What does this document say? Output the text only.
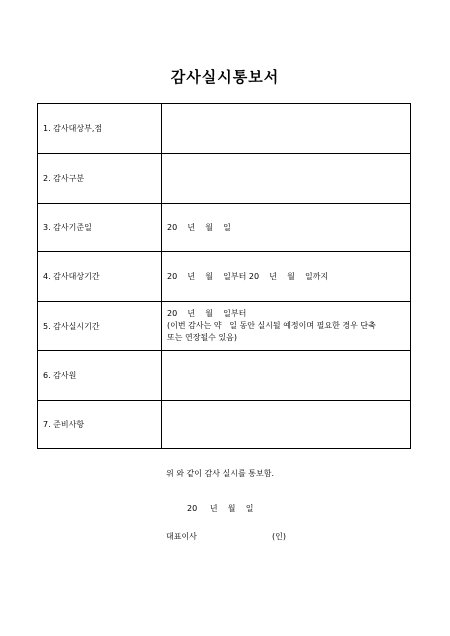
감사실시통보서
1. 감사대상부,점	
2. 감사구분	
3. 감사기준일	20    년    월    일

4. 감사대상기간	20    년    월    일부터 20    년    월    일까지

5. 감사실시기간	20    년    월    일부터
(이번 감사는 약   일 동안 실시될 예정이며 필요한 경우 단축
또는 연장될수 있음)

6. 감사원	
7. 준비사항	
위 와 같이 감사 실시를 통보함.
20     년    월    일
대표이사	(인)
